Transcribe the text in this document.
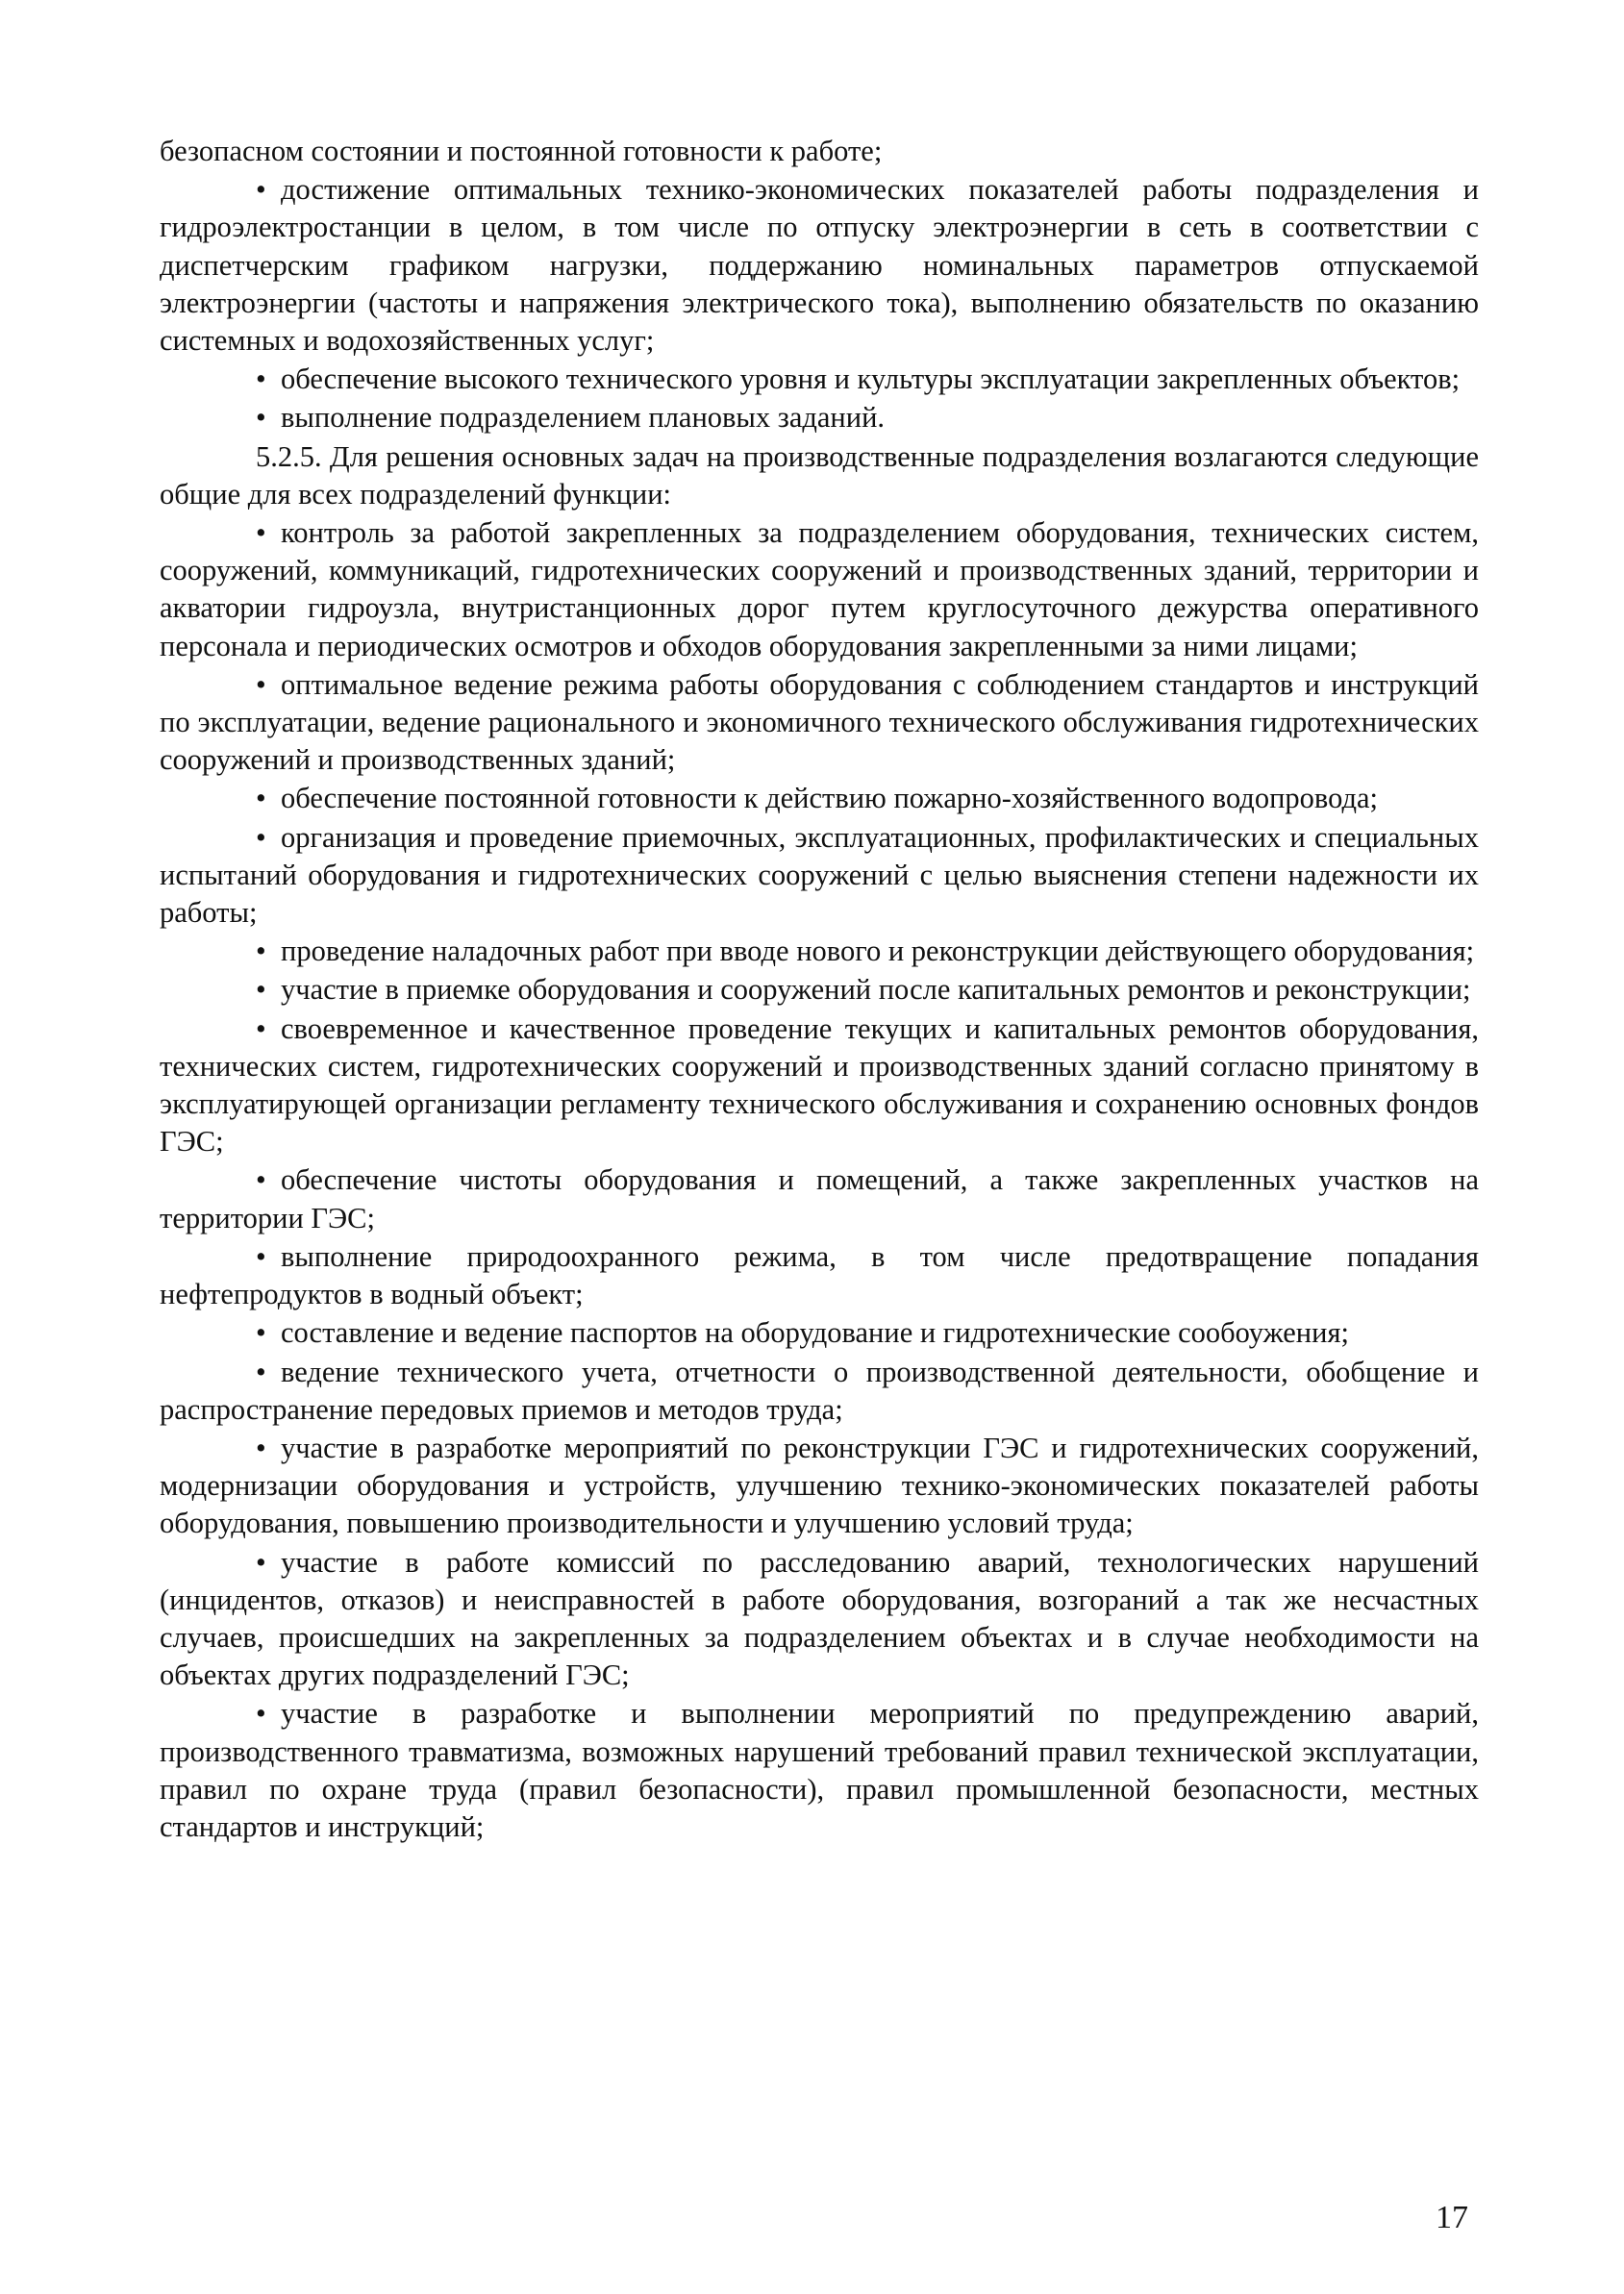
безопасном состоянии и постоянной готовности к работе;

• достижение оптимальных технико-экономических показателей работы подразделения и гидроэлектростанции в целом, в том числе по отпуску электроэнергии в сеть в соответствии с диспетчерским графиком нагрузки, поддержанию номинальных параметров отпускаемой электроэнергии (частоты и напряжения электрического тока), выполнению обязательств по оказанию системных и водохозяйственных услуг;

• обеспечение высокого технического уровня и культуры эксплуатации закрепленных объектов;

• выполнение подразделением плановых заданий.

5.2.5. Для решения основных задач на производственные подразделения возлагаются следующие общие для всех подразделений функции:

• контроль за работой закрепленных за подразделением оборудования, технических систем, сооружений, коммуникаций, гидротехнических сооружений и производственных зданий, территории и акватории гидроузла, внутристанционных дорог путем круглосуточного дежурства оперативного персонала и периодических осмотров и обходов оборудования закрепленными за ними лицами;

• оптимальное ведение режима работы оборудования с соблюдением стандартов и инструкций по эксплуатации, ведение рационального и экономичного технического обслуживания гидротехнических сооружений и производственных зданий;

• обеспечение постоянной готовности к действию пожарно-хозяйственного водопровода;

• организация и проведение приемочных, эксплуатационных, профилактических и специальных испытаний оборудования и гидротехнических сооружений с целью выяснения степени надежности их работы;

• проведение наладочных работ при вводе нового и реконструкции действующего оборудования;

• участие в приемке оборудования и сооружений после капитальных ремонтов и реконструкции;

• своевременное и качественное проведение текущих и капитальных ремонтов оборудования, технических систем, гидротехнических сооружений и производственных зданий согласно принятому в эксплуатирующей организации регламенту технического обслуживания и сохранению основных фондов ГЭС;

• обеспечение чистоты оборудования и помещений, а также закрепленных участков на территории ГЭС;

• выполнение природоохранного режима, в том числе предотвращение попадания нефтепродуктов в водный объект;

• составление и ведение паспортов на оборудование и гидротехнические сообоужения;

• ведение технического учета, отчетности о производственной деятельности, обобщение и распространение передовых приемов и методов труда;

• участие в разработке мероприятий по реконструкции ГЭС и гидротехнических сооружений, модернизации оборудования и устройств, улучшению технико-экономических показателей работы оборудования, повышению производительности и улучшению условий труда;

• участие в работе комиссий по расследованию аварий, технологических нарушений (инцидентов, отказов) и неисправностей в работе оборудования, возгораний а так же несчастных случаев, происшедших на закрепленных за подразделением объектах и в случае необходимости на объектах других подразделений ГЭС;

• участие в разработке и выполнении мероприятий по предупреждению аварий, производственного травматизма, возможных нарушений требований правил технической эксплуатации, правил по охране труда (правил безопасности), правил промышленной безопасности, местных стандартов и инструкций;

17
